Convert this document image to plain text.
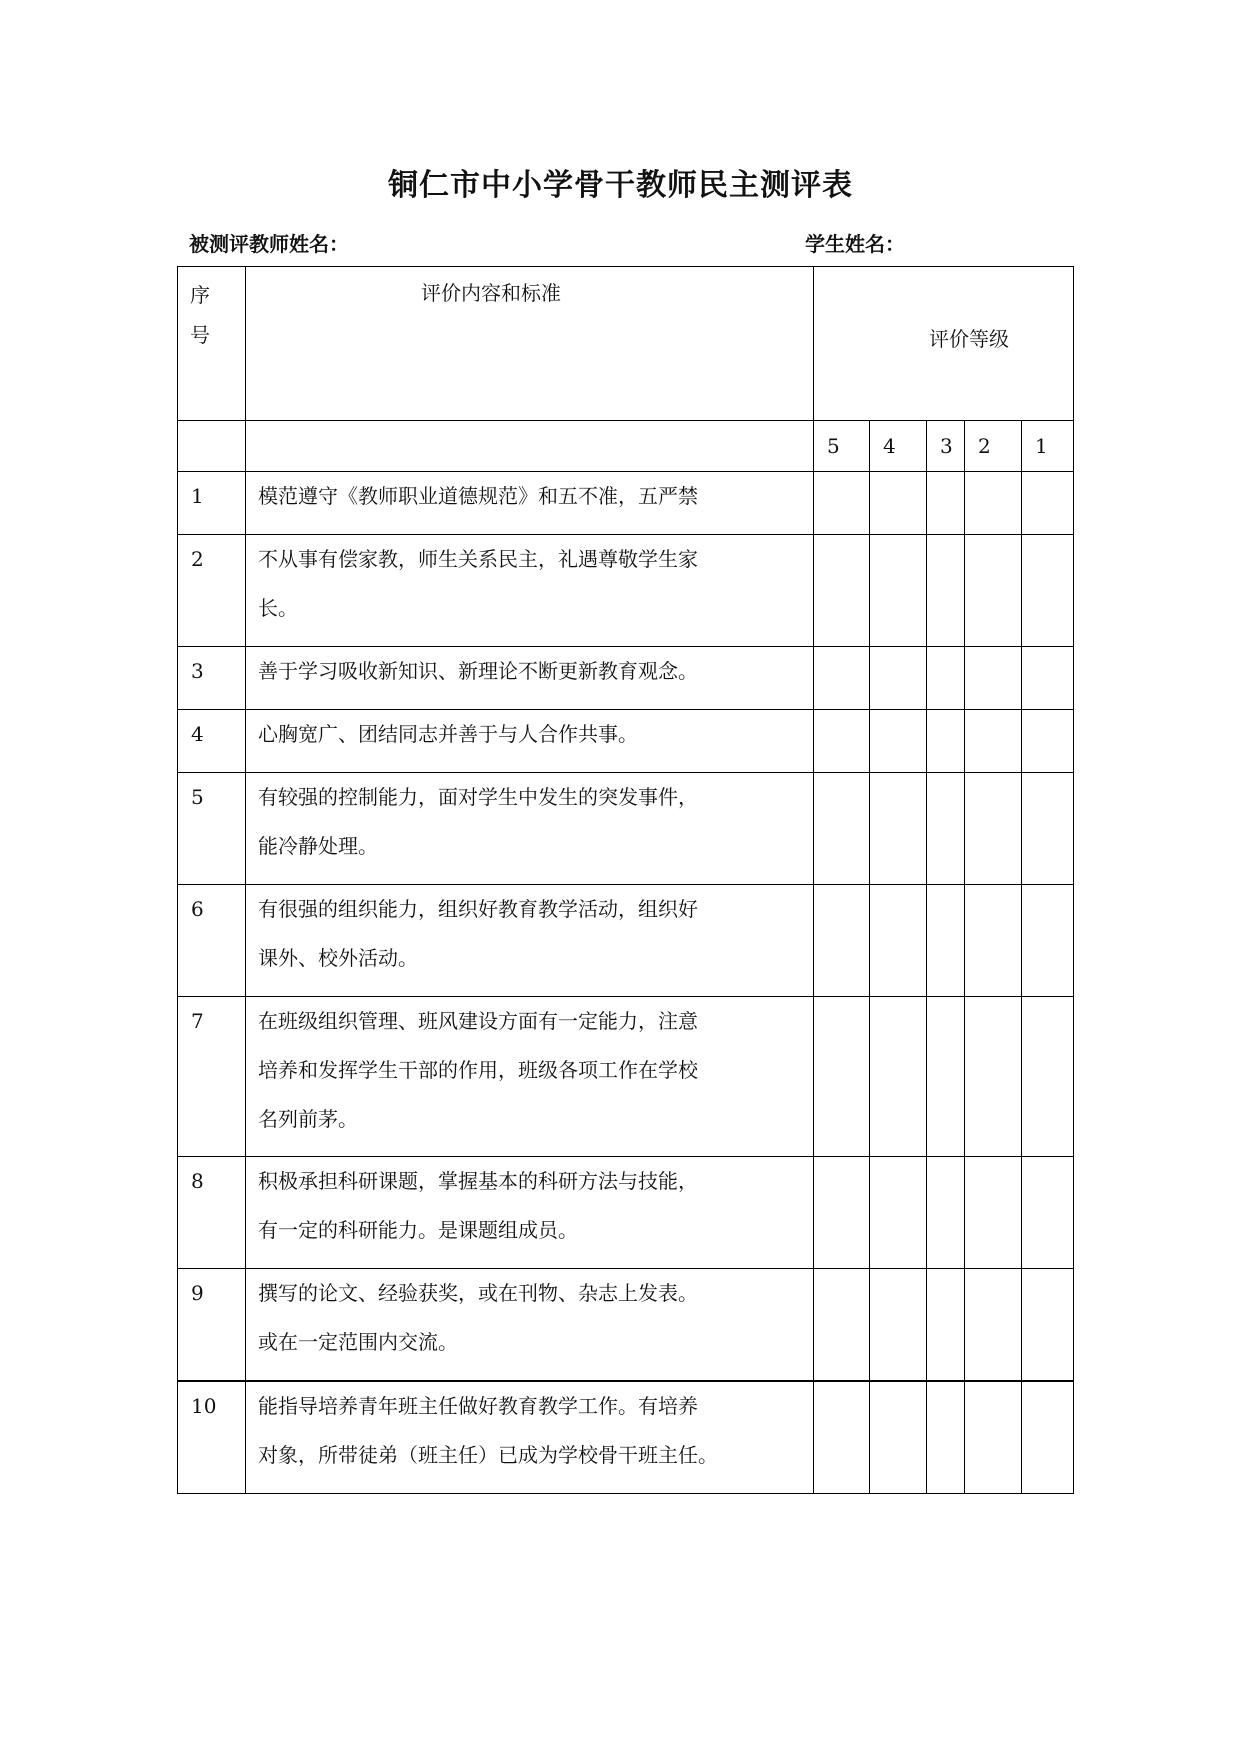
铜仁市中小学骨干教师民主测评表
被测评教师姓名：	学生姓名：
序
号	评价内容和标准	评价等级				
		5	4	3	2	1
1	模范遵守《教师职业道德规范》和五不准，五严禁					

2	不从事有偿家教，师生关系民主，礼遇尊敬学生家
长。					

3	善于学习吸收新知识、新理论不断更新教育观念。					

4	心胸宽广、团结同志并善于与人合作共事。					

5	有较强的控制能力，面对学生中发生的突发事件，
能冷静处理。					

6	有很强的组织能力，组织好教育教学活动，组织好
课外、校外活动。					

7	在班级组织管理、班风建设方面有一定能力，注意
培养和发挥学生干部的作用，班级各项工作在学校
名列前茅。					

8	积极承担科研课题，掌握基本的科研方法与技能，
有一定的科研能力。是课题组成员。					

9	撰写的论文、经验获奖，或在刊物、杂志上发表。
或在一定范围内交流。					

10	能指导培养青年班主任做好教育教学工作。有培养
对象，所带徒弟（班主任）已成为学校骨干班主任。					
